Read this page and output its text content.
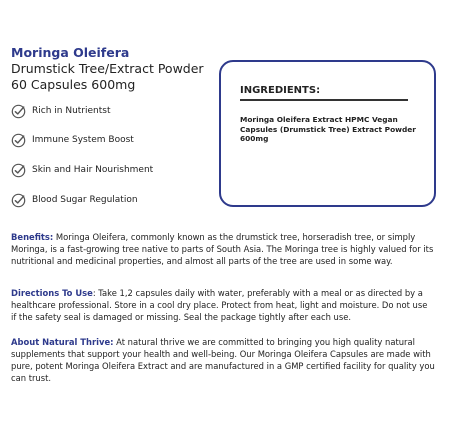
Moringa Oleifera
Drumstick Tree/Extract Powder
60 Capsules 600mg
Rich in Nutrientst
Immune System Boost
Skin and Hair Nourishment
Blood Sugar Regulation
INGREDIENTS:
Moringa Oleifera Extract HPMC Vegan Capsules (Drumstick Tree) Extract Powder 600mg

Benefits: Moringa Oleifera, commonly known as the drumstick tree, horseradish tree, or simply Moringa, is a fast-growing tree native to parts of South Asia. The Moringa tree is highly valued for its nutritional and medicinal properties, and almost all parts of the tree are used in some way.

Directions To Use: Take 1,2 capsules daily with water, preferably with a meal or as directed by a healthcare professional. Store in a cool dry place. Protect from heat, light and moisture. Do not use if the safety seal is damaged or missing. Seal the package tightly after each use.

About Natural Thrive: At natural thrive we are committed to bringing you high quality natural supplements that support your health and well-being. Our Moringa Oleifera Capsules are made with pure, potent Moringa Oleifera Extract and are manufactured in a GMP certified facility for quality you can trust.
